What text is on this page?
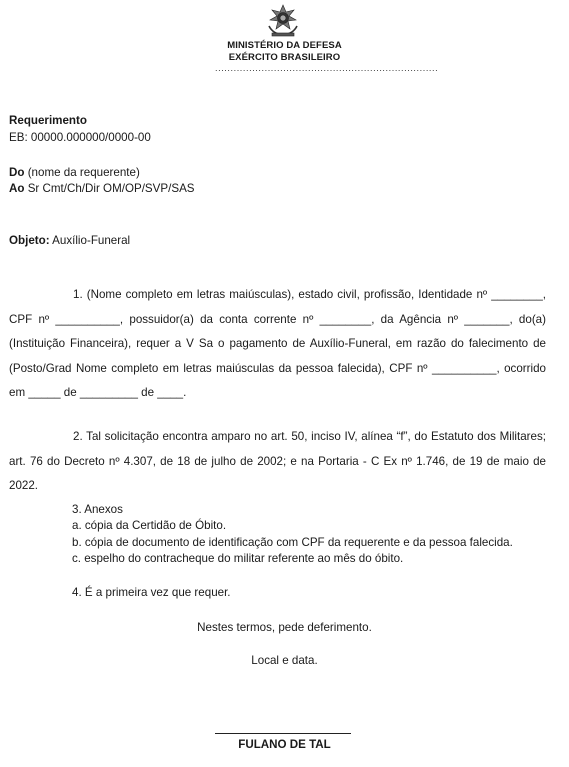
MINISTÉRIO DA DEFESA
EXÉRCITO BRASILEIRO
........................................................................
Requerimento
EB: 00000.000000/0000-00
Do (nome da requerente)
Ao Sr Cmt/Ch/Dir OM/OP/SVP/SAS
Objeto: Auxílio-Funeral
1. (Nome completo em letras maiúsculas), estado civil, profissão, Identidade nº ________, CPF nº __________, possuidor(a) da conta corrente nº ________, da Agência nº _______, do(a) (Instituição Financeira), requer a V Sa o pagamento de Auxílio-Funeral, em razão do falecimento de (Posto/Grad Nome completo em letras maiúsculas da pessoa falecida), CPF nº __________, ocorrido em _____ de _________ de ____.
2. Tal solicitação encontra amparo no art. 50, inciso IV, alínea “f”, do Estatuto dos Militares; art. 76 do Decreto nº 4.307, de 18 de julho de 2002; e na Portaria - C Ex nº 1.746, de 19 de maio de 2022.
3. Anexos
a. cópia da Certidão de Óbito.
b. cópia de documento de identificação com CPF da requerente e da pessoa falecida.
c. espelho do contracheque do militar referente ao mês do óbito.
4. É a primeira vez que requer.
Nestes termos, pede deferimento.
Local e data.
FULANO DE TAL
